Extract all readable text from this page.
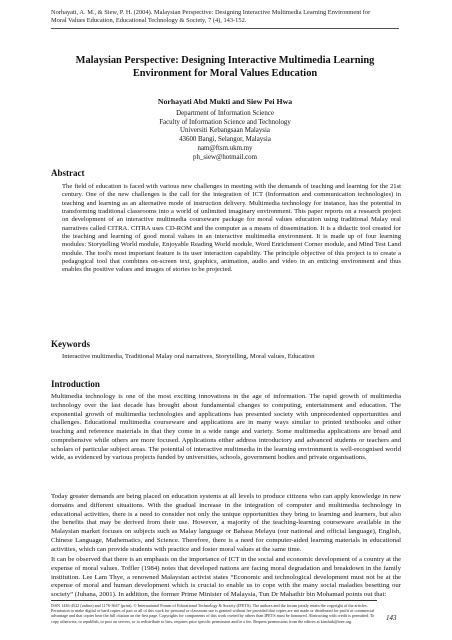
Norhayati, A. M., & Siew, P. H. (2004). Malaysian Perspective: Designing Interactive Multimedia Learning Environment for
Moral Values Education, Educational Technology & Society, 7 (4), 143-152.
Malaysian Perspective: Designing Interactive Multimedia Learning
Environment for Moral Values Education
Norhayati Abd Mukti and Siew Pei Hwa
Department of Information Science
Faculty of Information Science and Technology
Universiti Kebangsaan Malaysia
43600 Bangi, Selangor, Malaysia
nam@ftsm.ukm.my
ph_siew@hotmail.com
Abstract
The field of education is faced with various new challenges in meeting with the demands of teaching and learning for the 21st century. One of the new challenges is the call for the integration of ICT (Information and communication technologies) in teaching and learning as an alternative mode of instruction delivery. Multimedia technology for instance, has the potential in transforming traditional classrooms into a world of unlimited imaginary environment. This paper reports on a research project on development of an interactive multimedia courseware package for moral values education using traditional Malay oral narratives called CITRA. CITRA uses CD-ROM and the computer as a means of dissemination. It is a didactic tool created for the teaching and learning of good moral values in an interactive multimedia environment. It is made up of four learning modules: Storytelling World module, Enjoyable Reading World module, Word Enrichment Corner module, and Mind Test Land module. The tool's most important feature is its user interaction capability. The principle objective of this project is to create a pedagogical tool that combines on-screen text, graphics, animation, audio and video in an enticing environment and thus enables the positive values and images of stories to be projected.
Keywords
Interactive multimedia, Traditional Malay oral narratives, Storytelling, Moral values, Education
Introduction

Multimedia technology is one of the most exciting innovations in the age of information. The rapid growth of multimedia technology over the last decade has brought about fundamental changes to computing, entertainment and education. The exponential growth of multimedia technologies and applications has presented society with unprecedented opportunities and challenges. Educational multimedia courseware and applications are in many ways similar to printed textbooks and other teaching and reference materials in that they come in a wide range and variety. Some multimedia applications are broad and comprehensive while others are more focused. Applications either address introductory and advanced students or teachers and scholars of particular subject areas. The potential of interactive multimedia in the learning environment is well-recognised world wide, as evidenced by various projects funded by universities, schools, government bodies and private organisations.

Today greater demands are being placed on education systems at all levels to produce citizens who can apply knowledge in new domains and different situations. With the gradual increase in the integration of computer and multimedia technology in educational activities, there is a need to consider not only the unique opportunities they bring to learning and learners, but also the benefits that may be derived from their use. However, a majority of the teaching-learning courseware available in the Malaysian market focuses on subjects such as Malay language or Bahasa Melayu (our national and official language), English, Chinese Language, Mathematics, and Science. Therefore, there is a need for computer-aided learning materials in educational activities, which can provide students with practice and foster moral values at the same time.

It can be observed that there is an emphasis on the importance of ICT in the social and economic development of a country at the expense of moral values. Toffler (1984) notes that developed nations are facing moral degradation and breakdown in the family institution. Lee Lam Thye, a renowned Malaysian activist states “Economic and technological development must not be at the expense of moral and human development which is crucial to enable us to cope with the many social maladies besetting our society” (Juhana, 2001). In addition, the former Prime Minister of Malaysia, Tun Dr Mahathir bin Mohamad points out that:

ISSN 1436-4522 (online) and 1176-3647 (print). © International Forum of Educational Technology & Society (IFETS). The authors and the forum jointly retain the copyright of the articles. Permission to make digital or hard copies of part or all of this work for personal or classroom use is granted without fee provided that copies are not made or distributed for profit or commercial advantage and that copies bear the full citation on the first page. Copyrights for components of this work owned by others than IFETS must be honoured. Abstracting with credit is permitted. To copy otherwise, to republish, to post on servers, or to redistribute to lists, requires prior specific permission and/or a fee. Request permissions from the editors at kinshuk@ieee.org.	143
